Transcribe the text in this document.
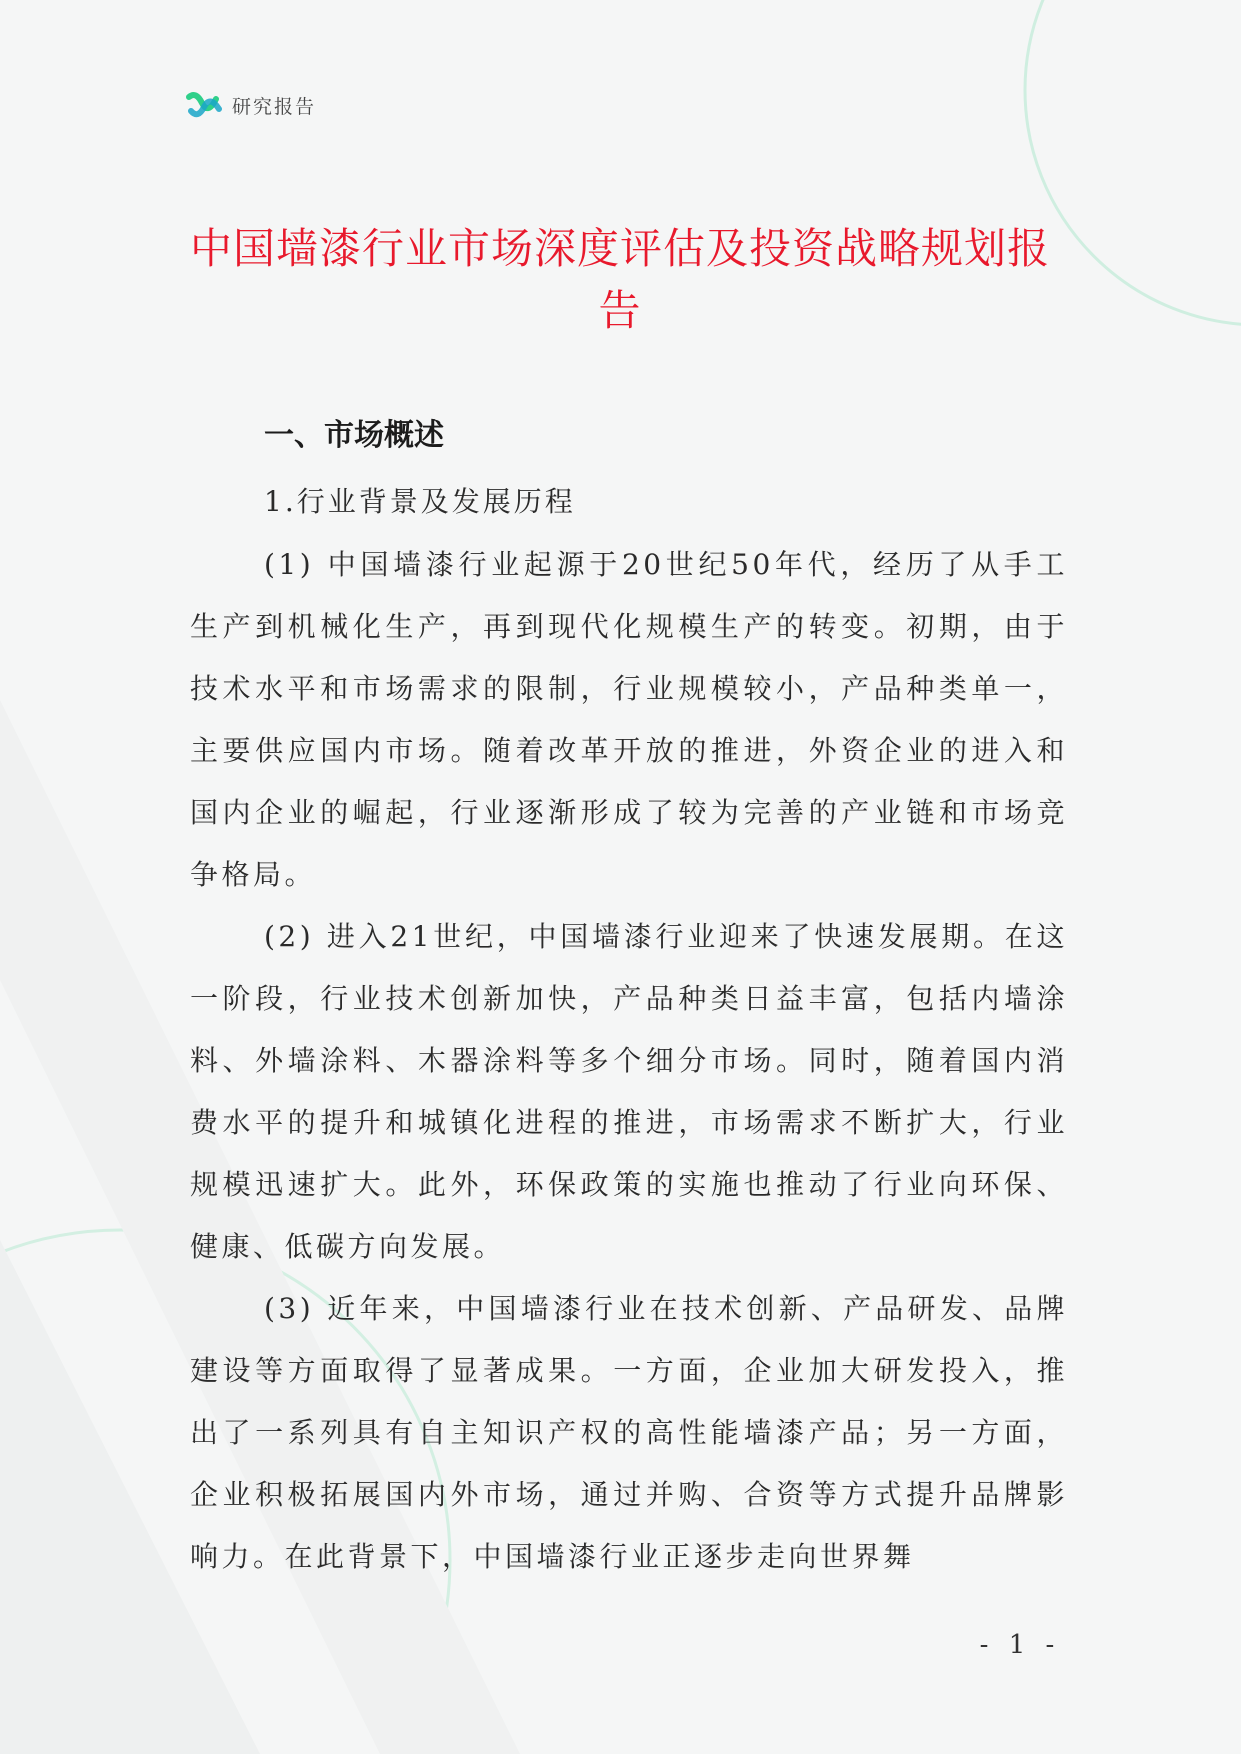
研究报告
中国墙漆行业市场深度评估及投资战略规划报告
一、市场概述
1.行业背景及发展历程

(1) 中国墙漆行业起源于20世纪50年代，经历了从手工生产到机械化生产，再到现代化规模生产的转变。初期，由于技术水平和市场需求的限制，行业规模较小，产品种类单一，主要供应国内市场。随着改革开放的推进，外资企业的进入和国内企业的崛起，行业逐渐形成了较为完善的产业链和市场竞争格局。

(2) 进入21世纪，中国墙漆行业迎来了快速发展期。在这一阶段，行业技术创新加快，产品种类日益丰富，包括内墙涂料、外墙涂料、木器涂料等多个细分市场。同时，随着国内消费水平的提升和城镇化进程的推进，市场需求不断扩大，行业规模迅速扩大。此外，环保政策的实施也推动了行业向环保、健康、低碳方向发展。

(3) 近年来，中国墙漆行业在技术创新、产品研发、品牌建设等方面取得了显著成果。一方面，企业加大研发投入，推出了一系列具有自主知识产权的高性能墙漆产品；另一方面，企业积极拓展国内外市场，通过并购、合资等方式提升品牌影响力。在此背景下，中国墙漆行业正逐步走向世界舞

- 1 -
